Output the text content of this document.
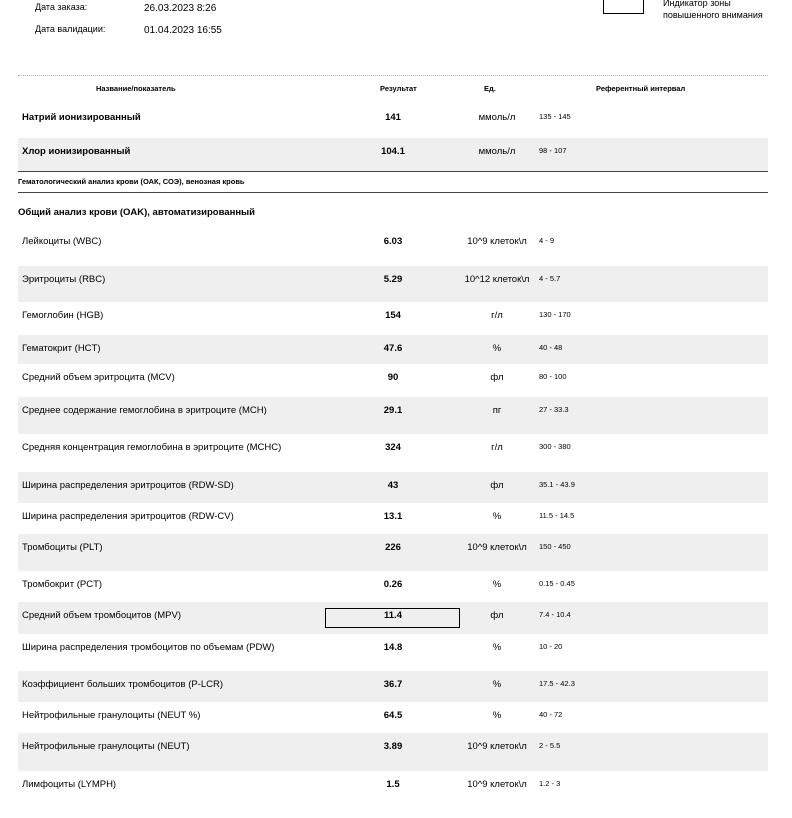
Дата заказа:	26.03.2023 8:26
Дата валидации:	01.04.2023 16:55
Индикатор зоны
повышенного внимания
Название/показатель	Результат	Ед.	Референтный интервал
Натрий ионизированный	141	ммоль/л	135 - 145
Хлор ионизированный	104.1	ммоль/л	98 - 107
Гематологический анализ крови (ОАК, СОЭ), венозная кровь
Общий анализ крови (OAK), автоматизированный
Лейкоциты (WBC)	6.03	10^9 клеток\л	4 - 9
Эритроциты (RBC)	5.29	10^12 клеток\л	4 - 5.7
Гемоглобин (HGB)	154	г/л	130 - 170
Гематокрит (HCT)	47.6	%	40 - 48
Средний объем эритроцита (MCV)	90	фл	80 - 100
Среднее содержание гемоглобина в эритроците (MCH)	29.1	пг	27 - 33.3
Средняя концентрация гемоглобина в эритроците (MCHC)	324	г/л	300 - 380
Ширина распределения эритроцитов (RDW-SD)	43	фл	35.1 - 43.9
Ширина распределения эритроцитов (RDW-CV)	13.1	%	11.5 - 14.5
Тромбоциты (PLT)	226	10^9 клеток\л	150 - 450
Тромбокрит (PCT)	0.26	%	0.15 - 0.45
Средний объем тромбоцитов (MPV)	11.4	фл	7.4 - 10.4
Ширина распределения тромбоцитов по объемам (PDW)	14.8	%	10 - 20
Коэффициент больших тромбоцитов (P-LCR)	36.7	%	17.5 - 42.3
Нейтрофильные гранулоциты (NEUT %)	64.5	%	40 - 72
Нейтрофильные гранулоциты (NEUT)	3.89	10^9 клеток\л	2 - 5.5
Лимфоциты (LYMPH)	1.5	10^9 клеток\л	1.2 - 3
